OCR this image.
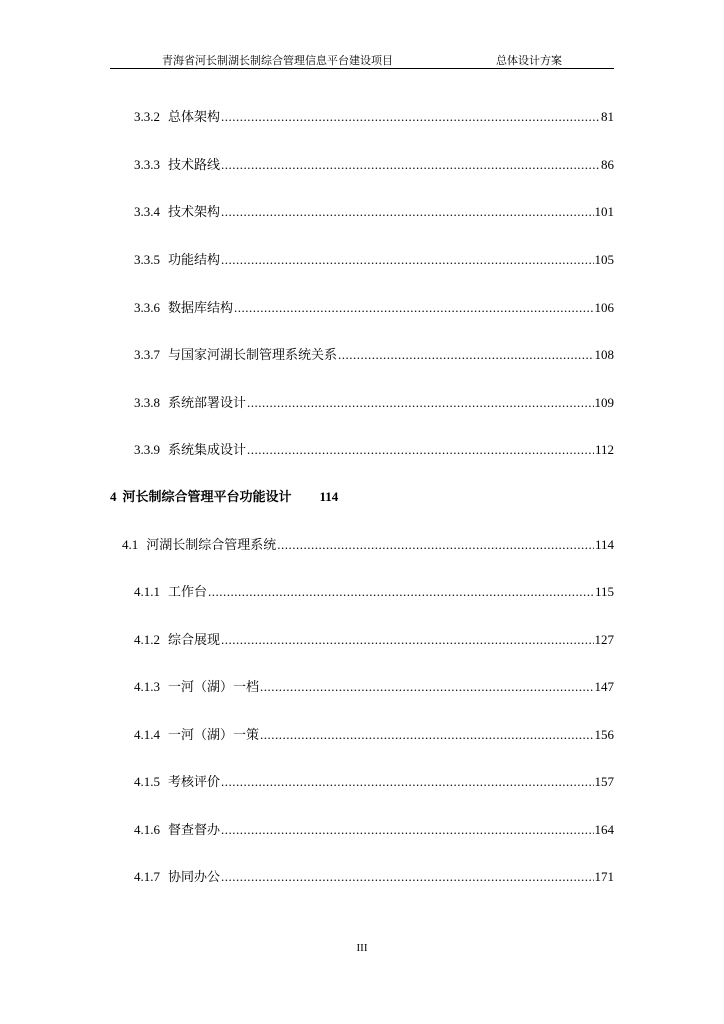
青海省河长制湖长制综合管理信息平台建设项目	总体设计方案
3.3.2 总体架构 .....	81
3.3.3 技术路线 .....	86
3.3.4 技术架构 .....	101
3.3.5 功能结构 .....	105
3.3.6 数据库结构 .....	106
3.3.7 与国家河湖长制管理系统关系 .....	108
3.3.8 系统部署设计 .....	109
3.3.9 系统集成设计 .....	112
4 河长制综合管理平台功能设计 114
4.1 河湖长制综合管理系统 .....	114
4.1.1 工作台 .....	115
4.1.2 综合展现 .....	127
4.1.3 一河（湖）一档 .....	147
4.1.4 一河（湖）一策 .....	156
4.1.5 考核评价 .....	157
4.1.6 督查督办 .....	164
4.1.7 协同办公 .....	171
III
